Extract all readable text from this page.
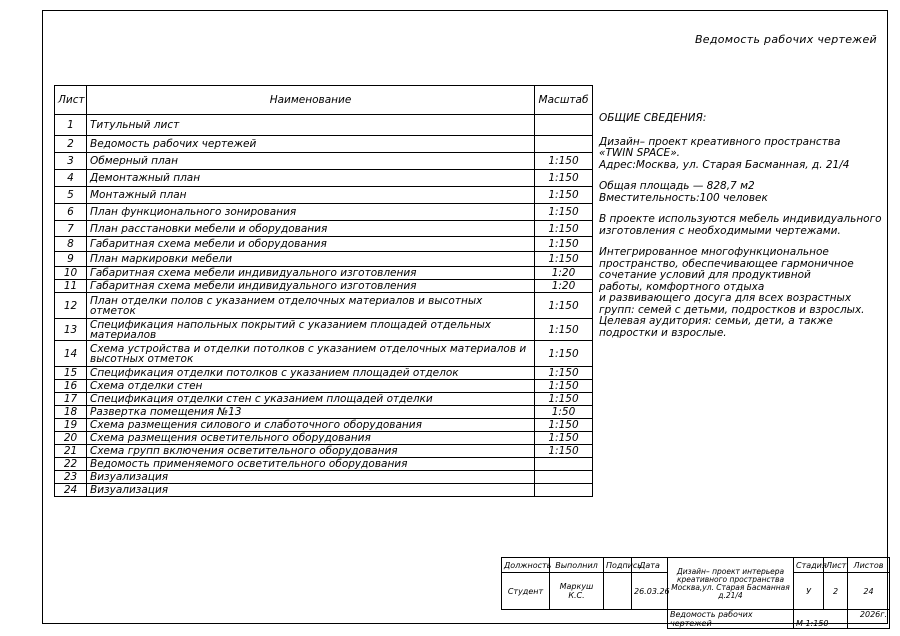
Ведомость рабочих чертежей
Лист	Наименование	Масштаб
1	Титульный лист	
2	Ведомость рабочих чертежей	
3	Обмерный план	1:150
4	Демонтажный план	1:150
5	Монтажный план	1:150
6	План функционального зонирования	1:150
7	План расстановки мебели и оборудования	1:150
8	Габаритная схема мебели и оборудования	1:150
9	План маркировки мебели	1:150
10	Габаритная схема мебели индивидуального изготовления	1:20
11	Габаритная схема мебели индивидуального изготовления	1:20
12	План отделки полов с указанием отделочных материалов и высотных отметок	1:150
13	Спецификация напольных покрытий с указанием площадей отдельных материалов	1:150
14	Схема устройства и отделки потолков с указанием отделочных материалов и высотных отметок	1:150
15	Спецификация отделки потолков с указанием площадей отделок	1:150
16	Схема отделки стен	1:150
17	Спецификация отделки стен с указанием площадей отделки	1:150
18	Развертка помещения №13	1:50
19	Схема размещения силового и слаботочного оборудования	1:150
20	Схема размещения осветительного оборудования	1:150
21	Схема групп включения осветительного оборудования	1:150
22	Ведомость применяемого осветительного оборудования	
23	Визуализация	
24	Визуализация	
ОБЩИЕ СВЕДЕНИЯ:

Дизайн– проект креативного пространства
«TWIN SPACE».
Адрес:Москва, ул. Старая Басманная, д. 21/4

Общая площадь — 828,7 м2
Вместительность:100 человек

В проекте используются мебель индивидуального
изготовления с необходимыми чертежами.

Интегрированное многофункциональное
пространство, обеспечивающее гармоничное
сочетание условий для продуктивной
работы, комфортного отдыха
и развивающего досуга для всех возрастных
групп: семей с детьми, подростков и взрослых.
Целевая аудитория: семьи, дети, а также
подростки и взрослые.

Должность	Выполнил	Подпись	Дата	Дизайн– проект интерьера
креативного пространства
Москва,ул. Старая Басманная
д.21/4	Стадия	Лист	Листов
Студент	Маркуш К.С.		26.03.26		У	2	24
				Ведомость рабочих чертежей	М 1:150		2026г.
